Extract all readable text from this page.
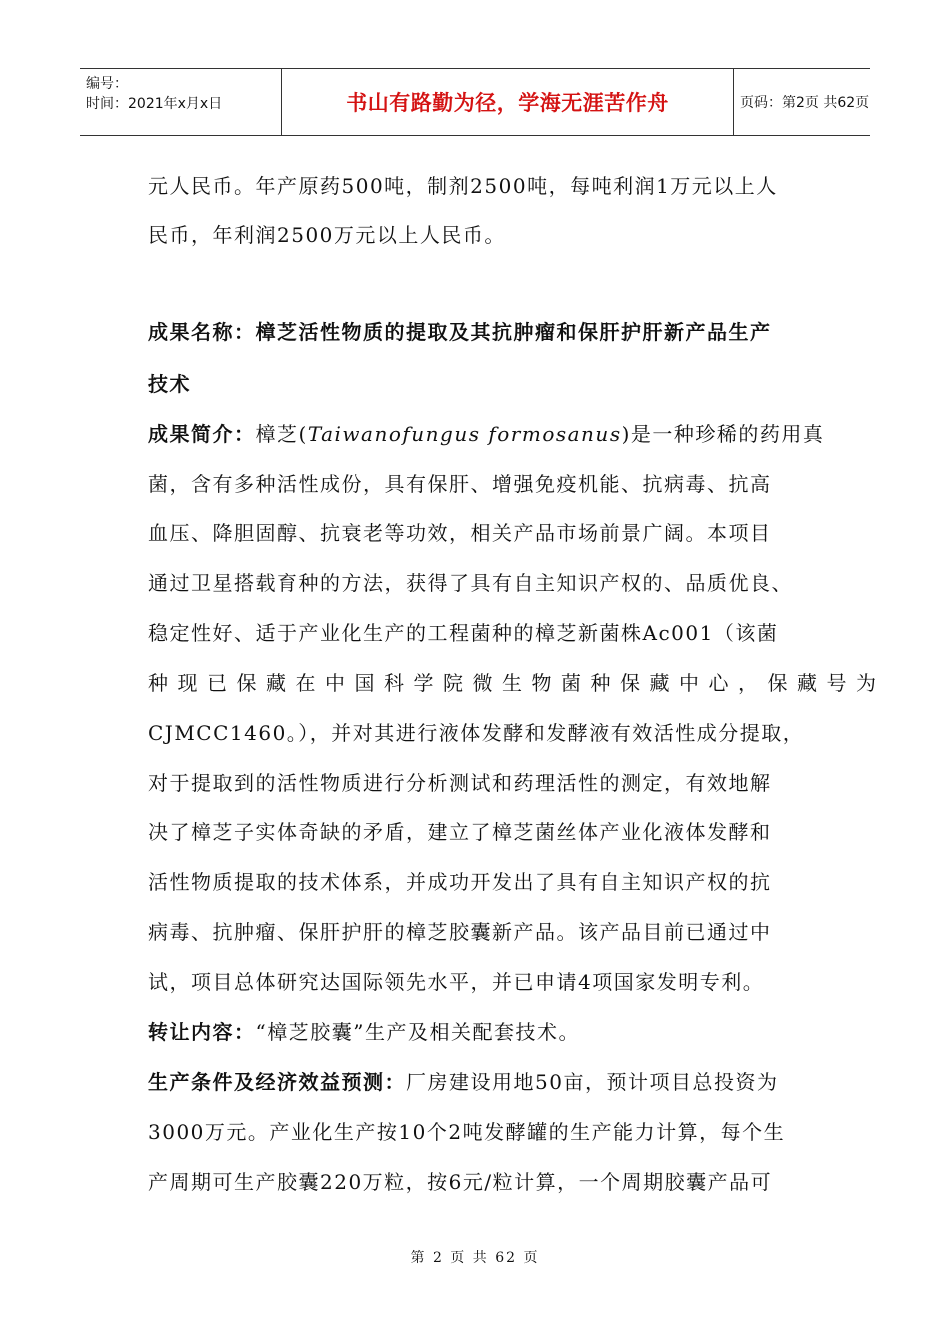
编号：
时间：2021年x月x日	书山有路勤为径，学海无涯苦作舟	页码：第2页 共62页
元人民币。年产原药500吨，制剂2500吨，每吨利润1万元以上人
民币，年利润2500万元以上人民币。
成果名称：樟芝活性物质的提取及其抗肿瘤和保肝护肝新产品生产
技术
成果简介：樟芝(Taiwanofungus formosanus)是一种珍稀的药用真
菌，含有多种活性成份，具有保肝、增强免疫机能、抗病毒、抗高
血压、降胆固醇、抗衰老等功效，相关产品市场前景广阔。本项目
通过卫星搭载育种的方法，获得了具有自主知识产权的、品质优良、
稳定性好、适于产业化生产的工程菌种的樟芝新菌株Ac001（该菌
种现已保藏在中国科学院微生物菌种保藏中心，保藏号为
CJMCC1460。），并对其进行液体发酵和发酵液有效活性成分提取，
对于提取到的活性物质进行分析测试和药理活性的测定，有效地解
决了樟芝子实体奇缺的矛盾，建立了樟芝菌丝体产业化液体发酵和
活性物质提取的技术体系，并成功开发出了具有自主知识产权的抗
病毒、抗肿瘤、保肝护肝的樟芝胶囊新产品。该产品目前已通过中
试，项目总体研究达国际领先水平，并已申请4项国家发明专利。
转让内容：“樟芝胶囊”生产及相关配套技术。
生产条件及经济效益预测：厂房建设用地50亩，预计项目总投资为
3000万元。产业化生产按10个2吨发酵罐的生产能力计算，每个生
产周期可生产胶囊220万粒，按6元/粒计算，一个周期胶囊产品可
第 2 页 共 62 页
